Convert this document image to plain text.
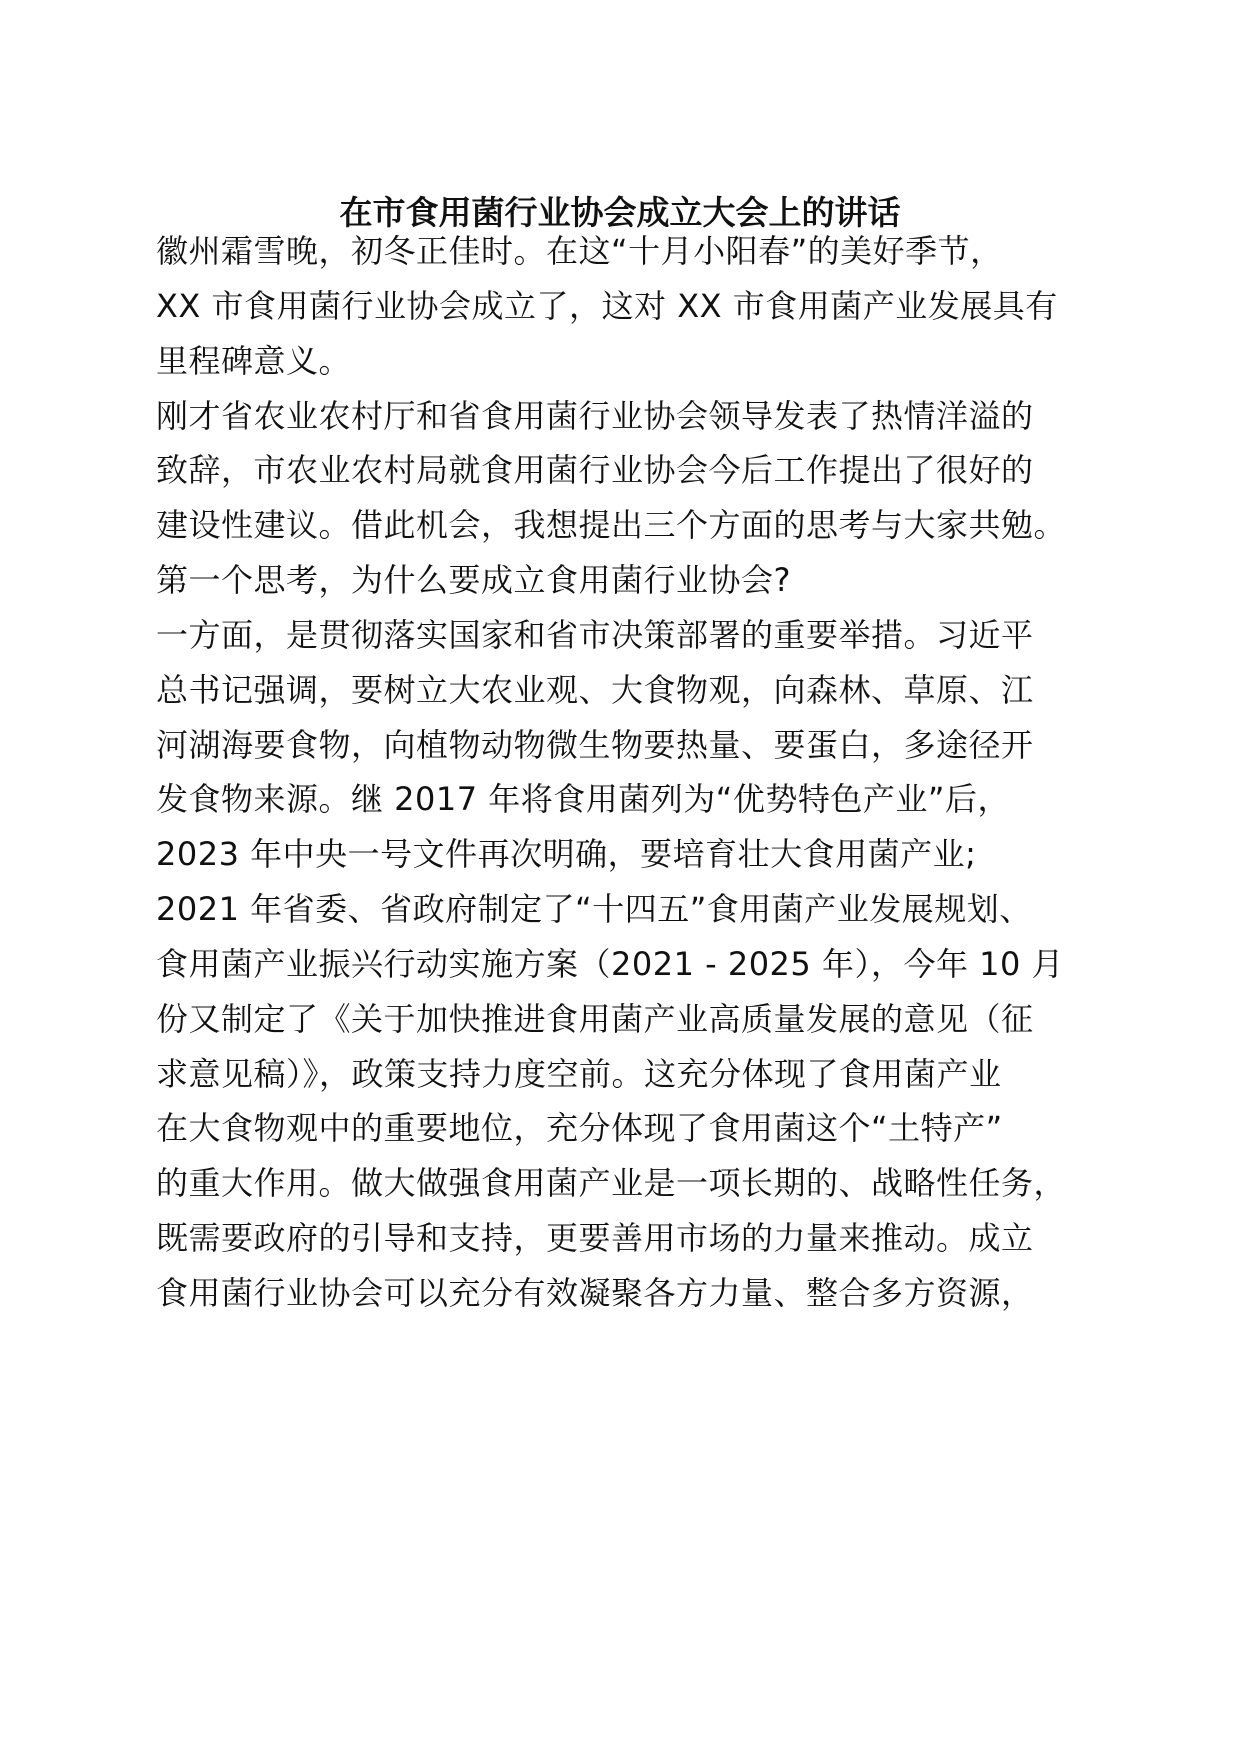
在市食用菌行业协会成立大会上的讲话

徽州霜雪晚，初冬正佳时。在这“十月小阳春”的美好季节，

XX 市食用菌行业协会成立了，这对 XX 市食用菌产业发展具有

里程碑意义。

刚才省农业农村厅和省食用菌行业协会领导发表了热情洋溢的

致辞，市农业农村局就食用菌行业协会今后工作提出了很好的

建设性建议。借此机会，我想提出三个方面的思考与大家共勉。

第一个思考，为什么要成立食用菌行业协会?

一方面，是贯彻落实国家和省市决策部署的重要举措。习近平

总书记强调，要树立大农业观、大食物观，向森林、草原、江

河湖海要食物，向植物动物微生物要热量、要蛋白，多途径开

发食物来源。继 2017 年将食用菌列为“优势特色产业”后，

2023 年中央一号文件再次明确，要培育壮大食用菌产业;

2021 年省委、省政府制定了“十四五”食用菌产业发展规划、

食用菌产业振兴行动实施方案（2021 - 2025 年），今年 10 月

份又制定了《关于加快推进食用菌产业高质量发展的意见（征

求意见稿）》，政策支持力度空前。这充分体现了食用菌产业

在大食物观中的重要地位，充分体现了食用菌这个“土特产”

的重大作用。做大做强食用菌产业是一项长期的、战略性任务，

既需要政府的引导和支持，更要善用市场的力量来推动。成立

食用菌行业协会可以充分有效凝聚各方力量、整合多方资源，
